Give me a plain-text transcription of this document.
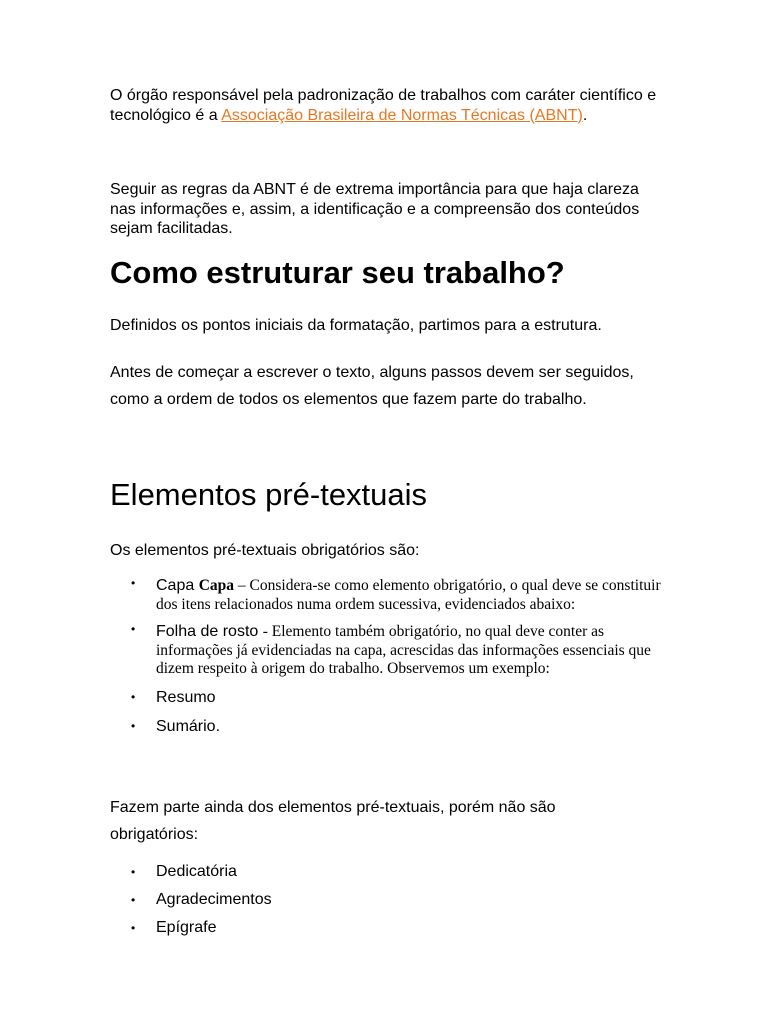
O órgão responsável pela padronização de trabalhos com caráter científico e tecnológico é a Associação Brasileira de Normas Técnicas (ABNT).

Seguir as regras da ABNT é de extrema importância para que haja clareza nas informações e, assim, a identificação e a compreensão dos conteúdos sejam facilitadas.

Como estruturar seu trabalho?

Definidos os pontos iniciais da formatação, partimos para a estrutura.

Antes de começar a escrever o texto, alguns passos devem ser seguidos, como a ordem de todos os elementos que fazem parte do trabalho.

Elementos pré-textuais

Os elementos pré-textuais obrigatórios são:

• Capa Capa – Considera-se como elemento obrigatório, o qual deve se constituir dos itens relacionados numa ordem sucessiva, evidenciados abaixo:
• Folha de rosto - Elemento também obrigatório, no qual deve conter as informações já evidenciadas na capa, acrescidas das informações essenciais que dizem respeito à origem do trabalho. Observemos um exemplo:
• Resumo
• Sumário.

Fazem parte ainda dos elementos pré-textuais, porém não são obrigatórios:

• Dedicatória
• Agradecimentos
• Epígrafe
